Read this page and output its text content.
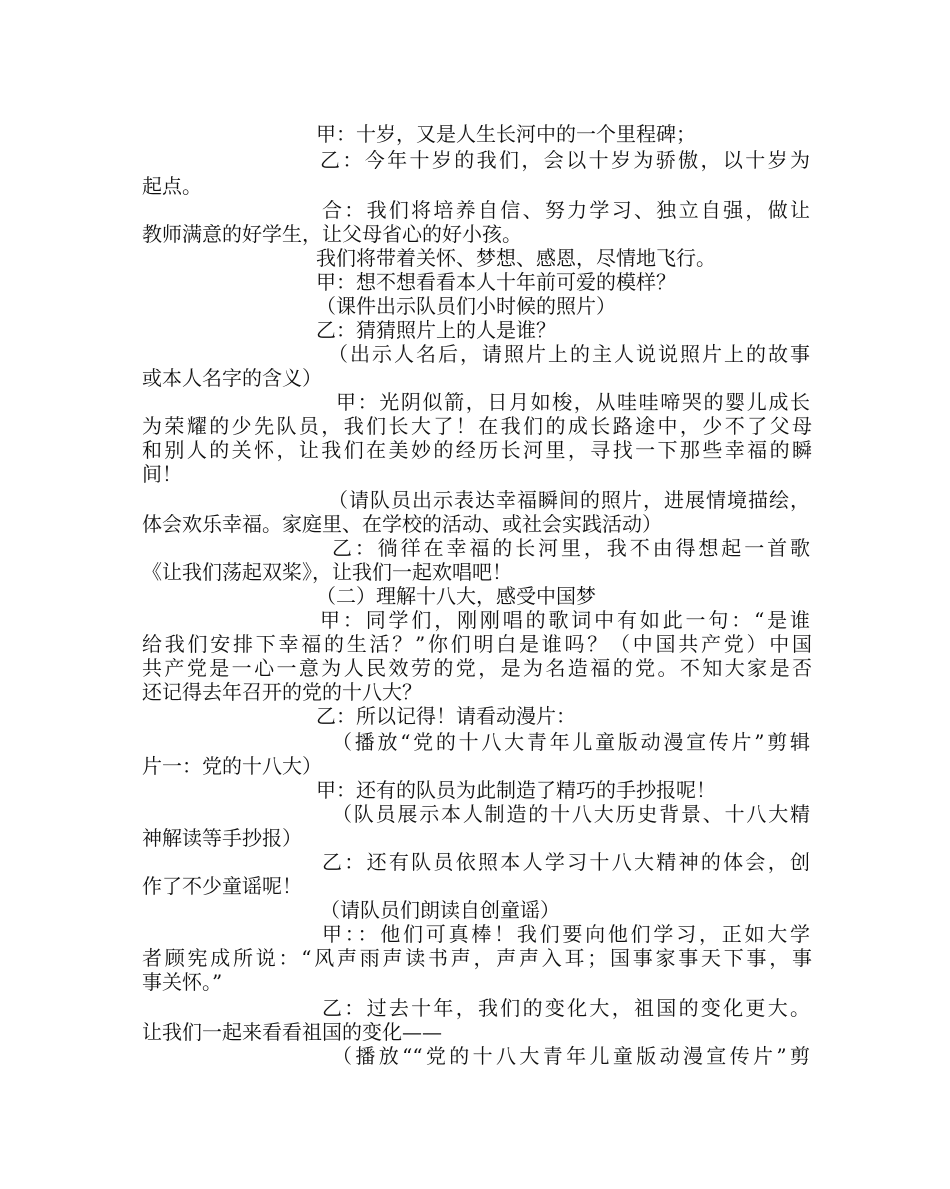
甲：十岁，又是人生长河中的一个里程碑；
乙：今年十岁的我们，会以十岁为骄傲，以十岁为
起点。
合：我们将培养自信、努力学习、独立自强，做让
教师满意的好学生，让父母省心的好小孩。
我们将带着关怀、梦想、感恩，尽情地飞行。
甲：想不想看看本人十年前可爱的模样？
（课件出示队员们小时候的照片）
乙：猜猜照片上的人是谁？
（出示人名后，请照片上的主人说说照片上的故事
或本人名字的含义）
甲：光阴似箭，日月如梭，从哇哇啼哭的婴儿成长
为荣耀的少先队员，我们长大了！在我们的成长路途中，少不了父母
和别人的关怀，让我们在美妙的经历长河里，寻找一下那些幸福的瞬
间！
（请队员出示表达幸福瞬间的照片，进展情境描绘，
体会欢乐幸福。家庭里、在学校的活动、或社会实践活动）
乙：徜徉在幸福的长河里，我不由得想起一首歌
《让我们荡起双桨》，让我们一起欢唱吧！
（二）理解十八大，感受中国梦
甲：同学们，刚刚唱的歌词中有如此一句：“是谁
给我们安排下幸福的生活？”你们明白是谁吗？（中国共产党）中国
共产党是一心一意为人民效劳的党，是为名造福的党。不知大家是否
还记得去年召开的党的十八大？
乙：所以记得！请看动漫片：
（播放“党的十八大青年儿童版动漫宣传片”剪辑
片一：党的十八大）
甲：还有的队员为此制造了精巧的手抄报呢！
（队员展示本人制造的十八大历史背景、十八大精
神解读等手抄报）
乙：还有队员依照本人学习十八大精神的体会，创
作了不少童谣呢！
（请队员们朗读自创童谣）
甲：：他们可真棒！我们要向他们学习，正如大学
者顾宪成所说：“风声雨声读书声，声声入耳；国事家事天下事，事
事关怀。”
乙：过去十年，我们的变化大，祖国的变化更大。
让我们一起来看看祖国的变化——
（播放““党的十八大青年儿童版动漫宣传片”剪
